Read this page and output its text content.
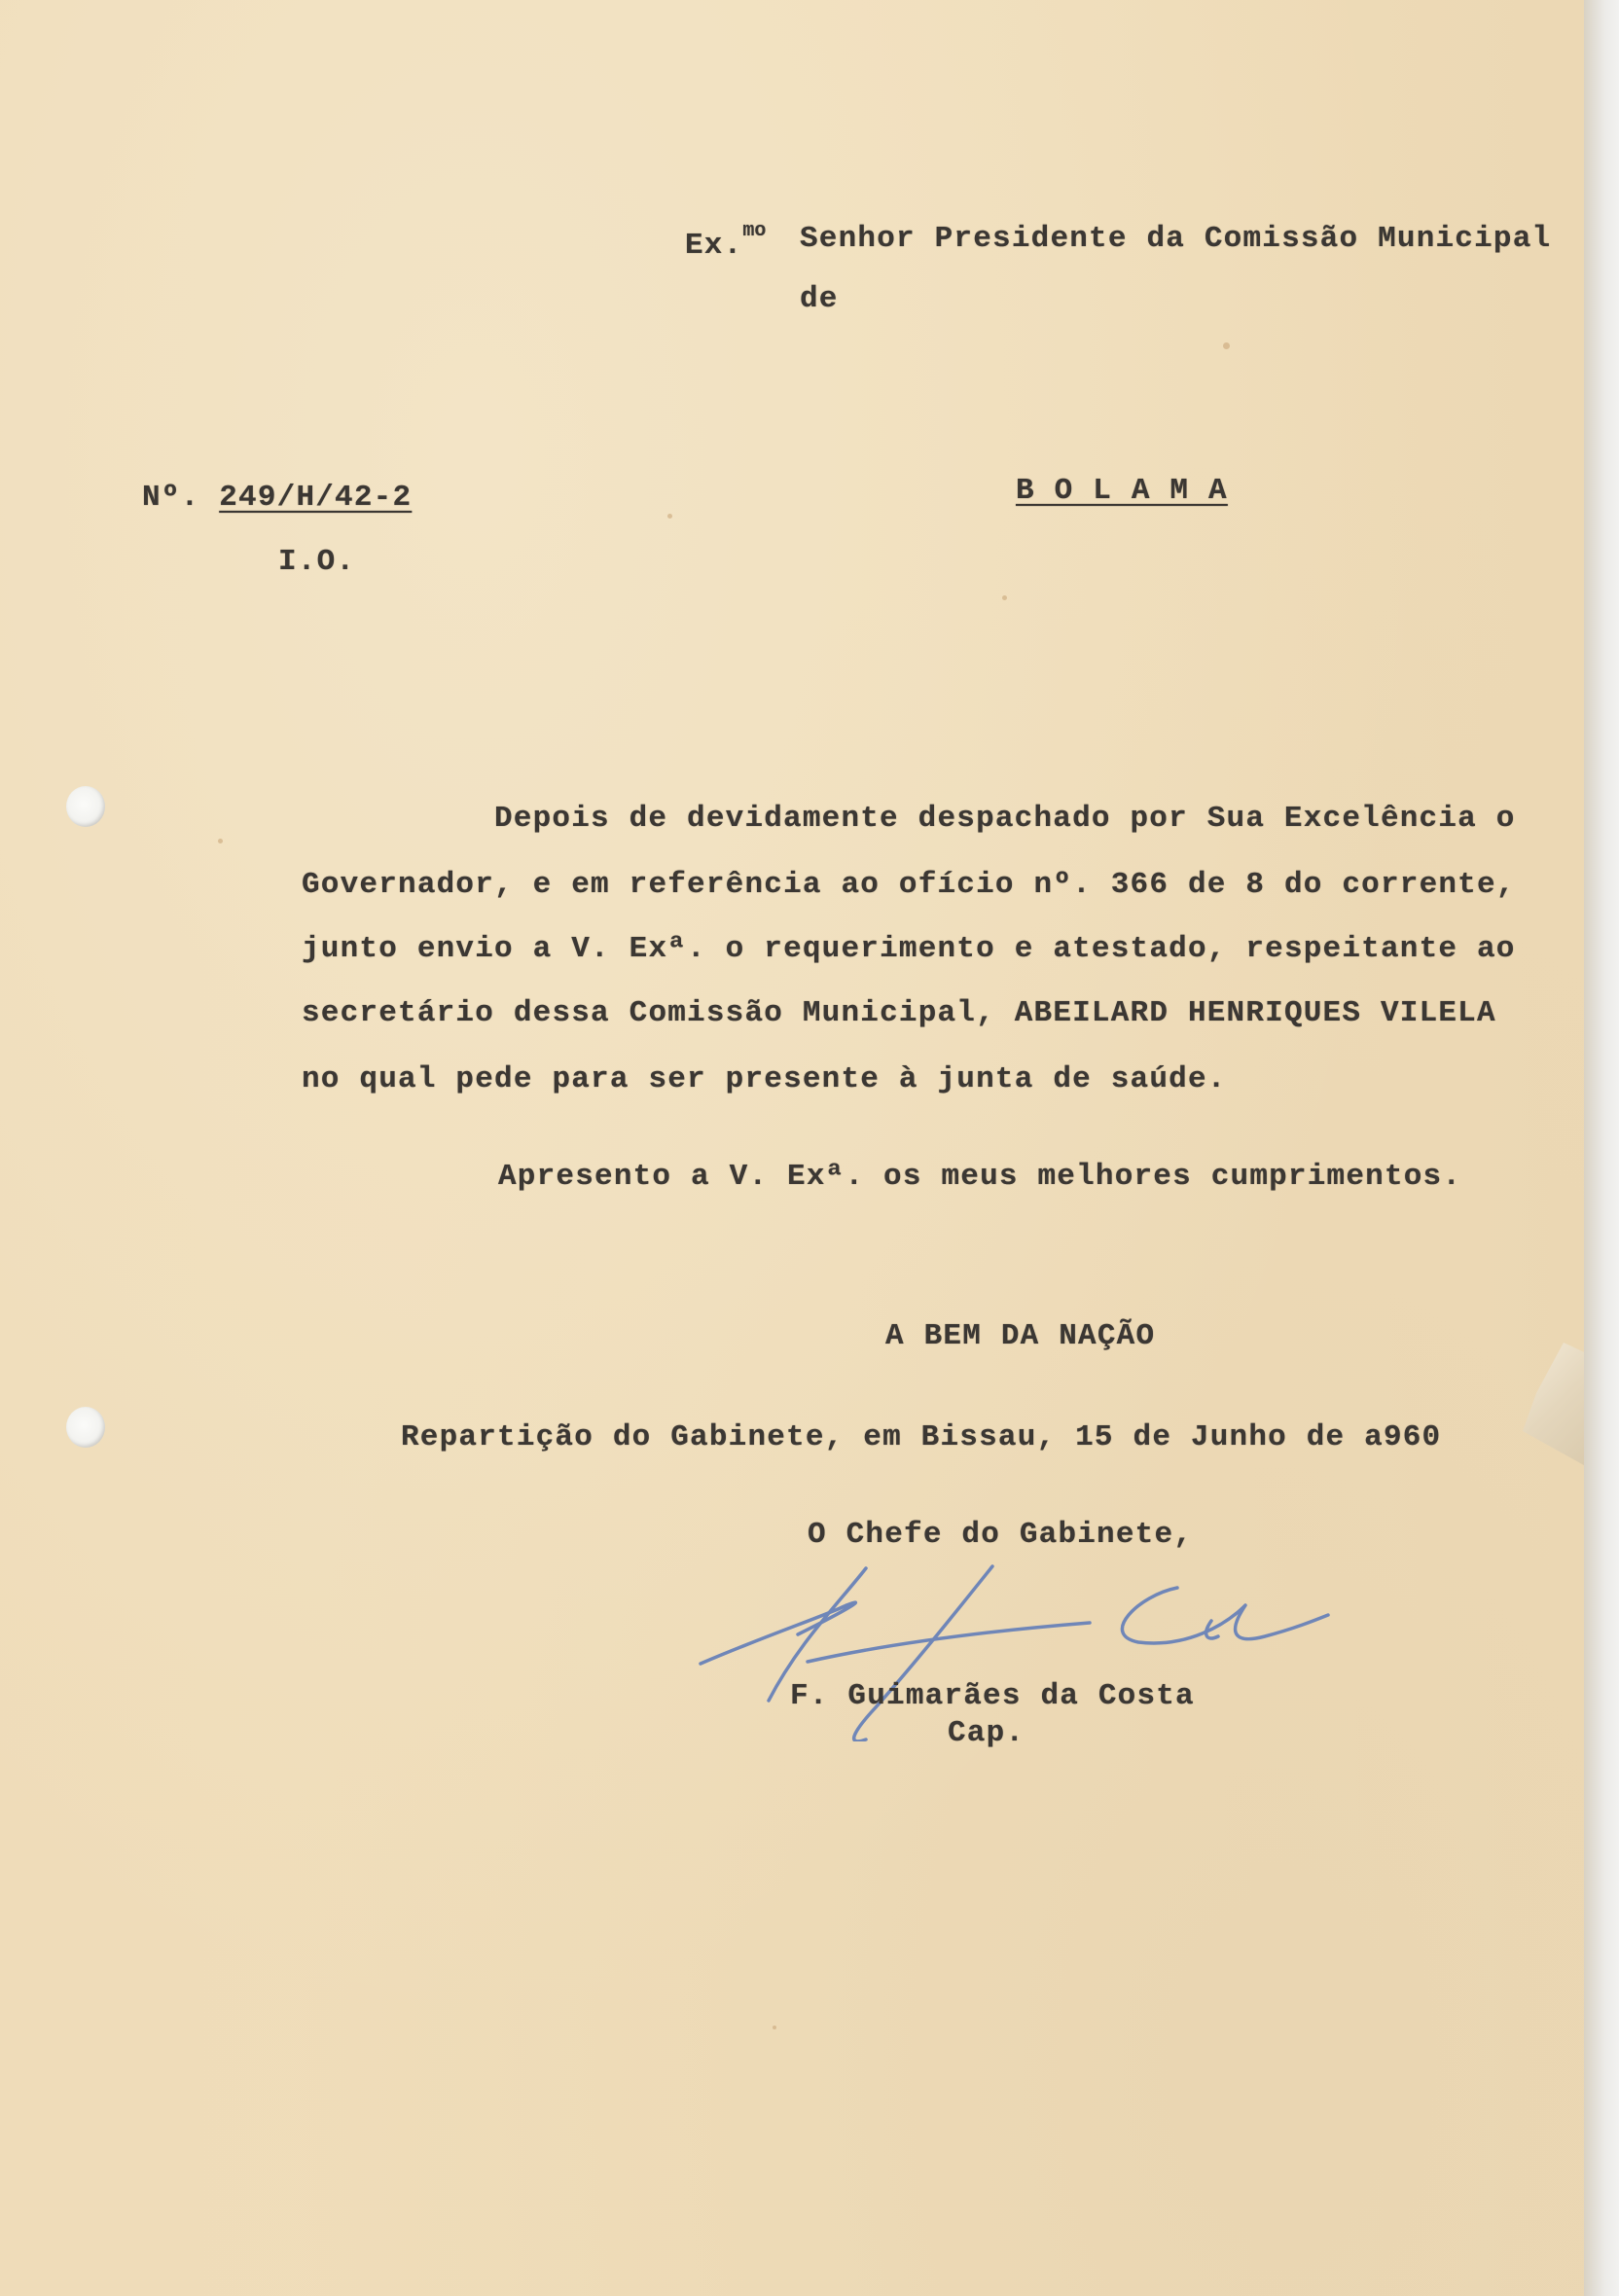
Ex.$^{mo}$ Senhor Presidente da Comissão Municipal
de
Nº. 249/H/42-2	B O L A M A
I.O.
Depois de devidamente despachado por Sua Excelência o
Governador, e em referência ao ofício nº. 366 de 8 do corrente,
junto envio a V. Exª. o requerimento e atestado, respeitante ao
secretário dessa Comissão Municipal, ABEILARD HENRIQUES VILELA
no qual pede para ser presente à junta de saúde.
Apresento a V. Exª. os meus melhores cumprimentos.
A BEM DA NAÇÃO
Repartição do Gabinete, em Bissau, 15 de Junho de a960
O Chefe do Gabinete,
F. Guimarães da Costa
Cap.
